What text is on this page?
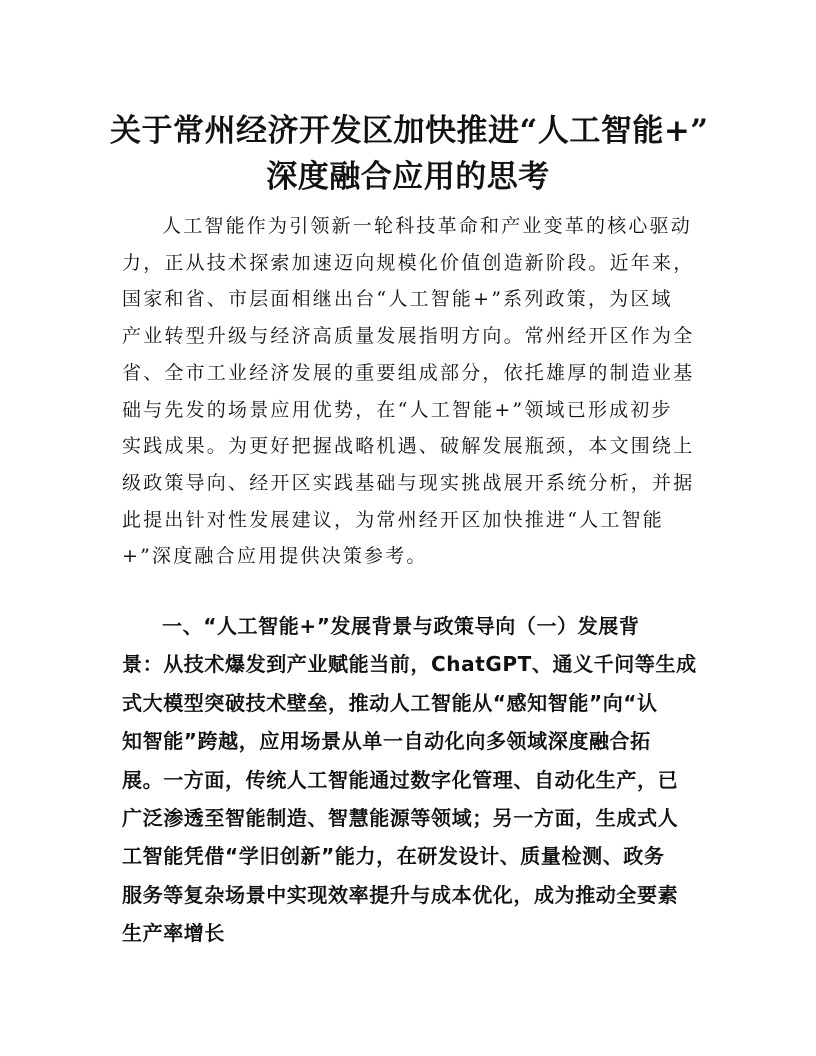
关于常州经济开发区加快推进“人工智能+”
深度融合应用的思考

人工智能作为引领新一轮科技革命和产业变革的核心驱动
力，正从技术探索加速迈向规模化价值创造新阶段。近年来，
国家和省、市层面相继出台“人工智能+”系列政策，为区域
产业转型升级与经济高质量发展指明方向。常州经开区作为全
省、全市工业经济发展的重要组成部分，依托雄厚的制造业基
础与先发的场景应用优势，在“人工智能+”领域已形成初步
实践成果。为更好把握战略机遇、破解发展瓶颈，本文围绕上
级政策导向、经开区实践基础与现实挑战展开系统分析，并据
此提出针对性发展建议，为常州经开区加快推进“人工智能
+”深度融合应用提供决策参考。

一、“人工智能+”发展背景与政策导向（一）发展背
景：从技术爆发到产业赋能当前，ChatGPT、通义千问等生成
式大模型突破技术壁垒，推动人工智能从“感知智能”向“认
知智能”跨越，应用场景从单一自动化向多领域深度融合拓
展。一方面，传统人工智能通过数字化管理、自动化生产，已
广泛渗透至智能制造、智慧能源等领域；另一方面，生成式人
工智能凭借“学旧创新”能力，在研发设计、质量检测、政务
服务等复杂场景中实现效率提升与成本优化，成为推动全要素
生产率增长
